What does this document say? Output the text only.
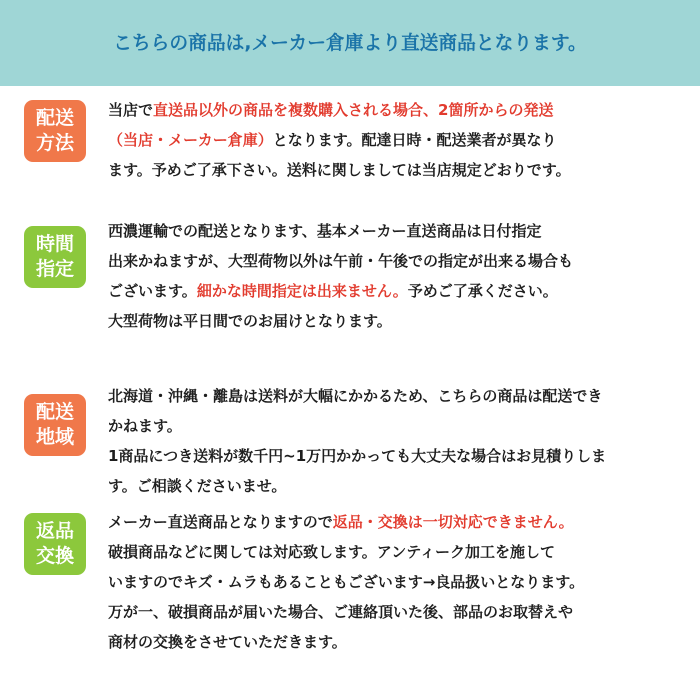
こちらの商品は,メーカー倉庫より直送商品となります。
配送
方法
当店で直送品以外の商品を複数購入される場合、2箇所からの発送
（当店・メーカー倉庫）となります。配達日時・配送業者が異なり
ます。予めご了承下さい。送料に関しましては当店規定どおりです。
時間
指定
西濃運輸での配送となります、基本メーカー直送商品は日付指定
出来かねますが、大型荷物以外は午前・午後での指定が出来る場合も
ございます。細かな時間指定は出来ません。予めご了承ください。
大型荷物は平日間でのお届けとなります。
配送
地域
北海道・沖縄・離島は送料が大幅にかかるため、こちらの商品は配送でき
かねます。
1商品につき送料が数千円~1万円かかっても大丈夫な場合はお見積りしま
す。ご相談くださいませ。
返品
交換
メーカー直送商品となりますので返品・交換は一切対応できません。
破損商品などに関しては対応致します。アンティーク加工を施して
いますのでキズ・ムラもあることもございます→良品扱いとなります。
万が一、破損商品が届いた場合、ご連絡頂いた後、部品のお取替えや
商材の交換をさせていただきます。
